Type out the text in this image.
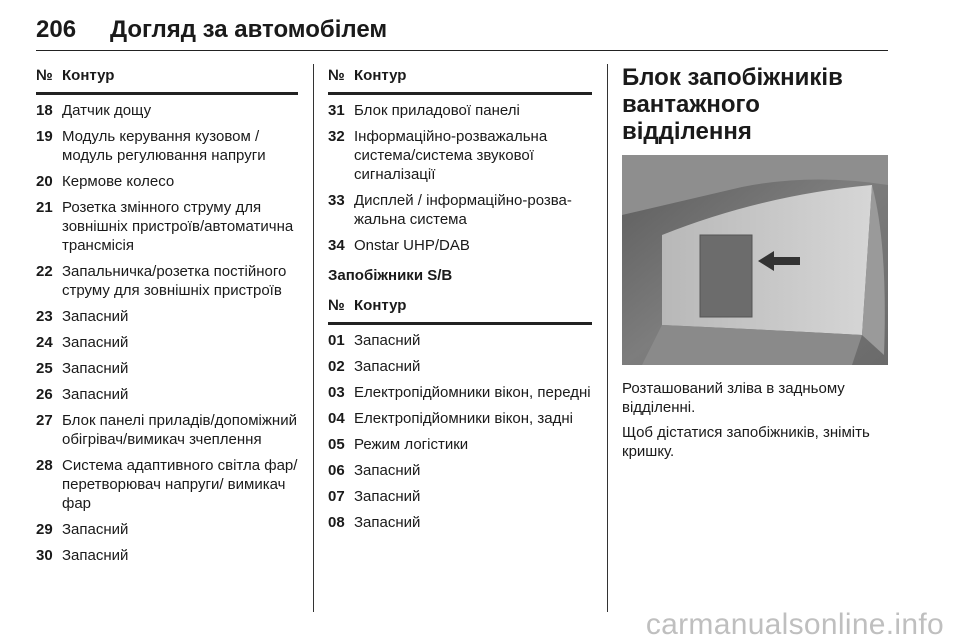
206 Догляд за автомобілем
№ Контур
18 Датчик дощу
19 Модуль керування кузовом / модуль регулювання напруги
20 Кермове колесо
21 Розетка змінного струму для зовнішніх пристроїв/автоматична трансмісія
22 Запальничка/розетка постійного струму для зовнішніх пристроїв
23 Запасний
24 Запасний
25 Запасний
26 Запасний
27 Блок панелі приладів/допоміжний обігрівач/вимикач зчеплення
28 Система адаптивного світла фар/перетворювач напруги/ вимикач фар
29 Запасний
30 Запасний
№ Контур
31 Блок приладової панелі
32 Інформаційно-розважальна система/система звукової сигналізації
33 Дисплей / інформаційно-розважальна система
34 Onstar UHP/DAB
Запобіжники S/B
№ Контур
01 Запасний
02 Запасний
03 Електропідйомники вікон, передні
04 Електропідйомники вікон, задні
05 Режим логістики
06 Запасний
07 Запасний
08 Запасний
Блок запобіжників вантажного відділення

Розташований зліва в задньому відділенні.

Щоб дістатися запобіжників, зніміть кришку.

carmanualsonline.info
